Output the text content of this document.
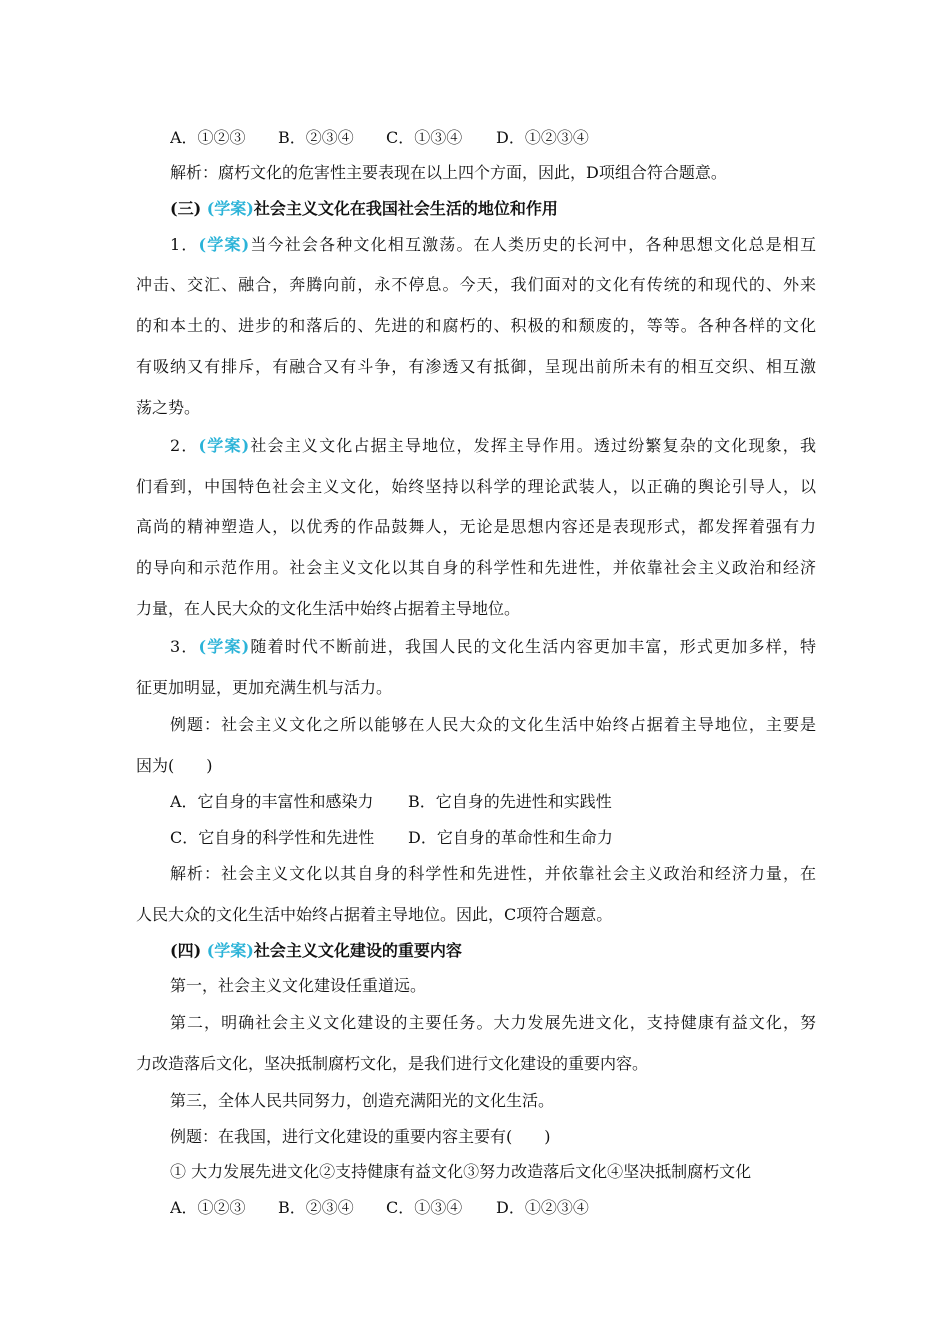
A．①②③ B．②③④ C．①③④ D．①②③④
解析：腐朽文化的危害性主要表现在以上四个方面，因此，D项组合符合题意。
(三) (学案)社会主义文化在我国社会生活的地位和作用
1．(学案)当今社会各种文化相互激荡。在人类历史的长河中，各种思想文化总是相互
冲击、交汇、融合，奔腾向前，永不停息。今天，我们面对的文化有传统的和现代的、外来
的和本土的、进步的和落后的、先进的和腐朽的、积极的和颓废的，等等。各种各样的文化
有吸纳又有排斥，有融合又有斗争，有渗透又有抵御，呈现出前所未有的相互交织、相互激
荡之势。
2．(学案)社会主义文化占据主导地位，发挥主导作用。透过纷繁复杂的文化现象，我
们看到，中国特色社会主义文化，始终坚持以科学的理论武装人，以正确的舆论引导人，以
高尚的精神塑造人，以优秀的作品鼓舞人，无论是思想内容还是表现形式，都发挥着强有力
的导向和示范作用。社会主义文化以其自身的科学性和先进性，并依靠社会主义政治和经济
力量，在人民大众的文化生活中始终占据着主导地位。
3．(学案)随着时代不断前进，我国人民的文化生活内容更加丰富，形式更加多样，特
征更加明显，更加充满生机与活力。
例题：社会主义文化之所以能够在人民大众的文化生活中始终占据着主导地位，主要是
因为(　　)
A．它自身的丰富性和感染力 B．它自身的先进性和实践性
C．它自身的科学性和先进性 D．它自身的革命性和生命力
解析：社会主义文化以其自身的科学性和先进性，并依靠社会主义政治和经济力量，在
人民大众的文化生活中始终占据着主导地位。因此，C项符合题意。
(四) (学案)社会主义文化建设的重要内容
第一，社会主义文化建设任重道远。
第二，明确社会主义文化建设的主要任务。大力发展先进文化，支持健康有益文化，努
力改造落后文化，坚决抵制腐朽文化，是我们进行文化建设的重要内容。
第三，全体人民共同努力，创造充满阳光的文化生活。
例题：在我国，进行文化建设的重要内容主要有(　　)
① 大力发展先进文化②支持健康有益文化③努力改造落后文化④坚决抵制腐朽文化
A．①②③ B．②③④ C．①③④ D．①②③④
